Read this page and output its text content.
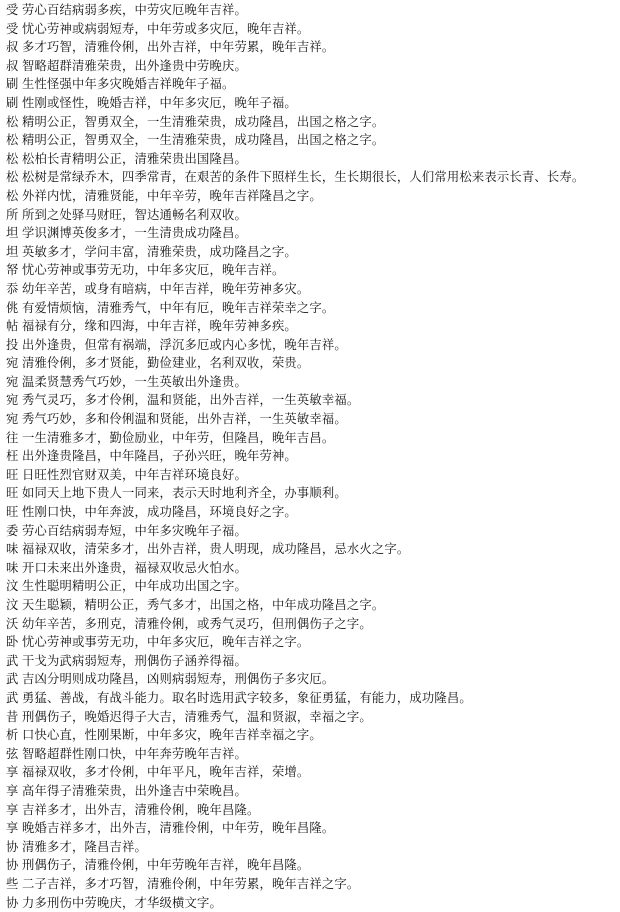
受 劳心百结病弱多疾，中劳灾厄晚年吉祥。
受 忧心劳神或病弱短寿，中年劳或多灾厄，晚年吉祥。
叔 多才巧智，清雅伶俐，出外吉祥，中年劳累，晚年吉祥。
叔 智略超群清雅荣贵，出外逢贵中劳晚庆。
刷 生性怪强中年多灾晚婚吉祥晚年子福。
刷 性刚或怪性，晚婚吉祥，中年多灾厄，晚年子福。
松 精明公正，智勇双全，一生清雅荣贵，成功隆昌，出国之格之字。
松 精明公正，智勇双全，一生清雅荣贵，成功隆昌，出国之格之字。
松 松柏长青精明公正，清雅荣贵出国隆昌。
松 松树是常绿乔木，四季常青，在艰苦的条件下照样生长，生长期很长，人们常用松来表示长青、长寿。
松 外祥内忧，清雅贤能，中年辛劳，晚年吉祥隆昌之字。
所 所到之处驿马财旺，智达通畅名利双收。
坦 学识渊博英俊多才，一生清贵成功隆昌。
坦 英敏多才，学问丰富，清雅荣贵，成功隆昌之字。
帑 忧心劳神或事劳无功，中年多灾厄，晚年吉祥。
忝 幼年辛苦，或身有暗病，中年吉祥，晚年劳神多灾。
佻 有爱情烦恼，清雅秀气，中年有厄，晚年吉祥荣幸之字。
帖 福禄有分，缘和四海，中年吉祥，晚年劳神多疾。
投 出外逢贵，但常有祸端，浮沉多厄或内心多忧，晚年吉祥。
宛 清雅伶俐，多才贤能，勤俭建业，名利双收，荣贵。
宛 温柔贤慧秀气巧妙，一生英敏出外逢贵。
宛 秀气灵巧，多才伶俐，温和贤能，出外吉祥，一生英敏幸福。
宛 秀气巧妙，多和伶俐温和贤能，出外吉祥，一生英敏幸福。
往 一生清雅多才，勤俭励业，中年劳，但隆昌，晚年吉昌。
枉 出外逢贵隆昌，中年隆昌，子孙兴旺，晚年劳神。
旺 日旺性烈官财双美，中年吉祥环境良好。
旺 如同天上地下贵人一同来，表示天时地利齐全，办事顺利。
旺 性刚口快，中年奔波，成功隆昌，环境良好之字。
委 劳心百结病弱寿短，中年多灾晚年子福。
味 福禄双收，清荣多才，出外吉祥，贵人明现，成功隆昌，忌水火之字。
味 开口未来出外逢贵，福禄双收忌火怕水。
汶 生性聪明精明公正，中年成功出国之字。
汶 天生聪颖，精明公正，秀气多才，出国之格，中年成功隆昌之字。
沃 幼年辛苦，多刑克，清雅伶俐，或秀气灵巧，但刑偶伤子之字。
卧 忧心劳神或事劳无功，中年多灾厄，晚年吉祥之字。
武 干戈为武病弱短寿，刑偶伤子涵养得福。
武 吉凶分明则成功隆昌，凶则病弱短寿，刑偶伤子多灾厄。
武 勇猛、善战，有战斗能力。取名时选用武字较多，象征勇猛，有能力，成功隆昌。
昔 刑偶伤子，晚婚迟得子大吉，清雅秀气，温和贤淑，幸福之字。
析 口快心直，性刚果断，中年多灾，晚年吉祥幸福之字。
弦 智略超群性刚口快，中年奔劳晚年吉祥。
享 福禄双收，多才伶俐，中年平凡，晚年吉祥，荣增。
享 高年得子清雅荣贵，出外逢吉中荣晚昌。
享 吉祥多才，出外吉，清雅伶俐，晚年昌隆。
享 晚婚吉祥多才，出外吉，清雅伶俐，中年劳，晚年昌隆。
协 清雅多才，隆昌吉祥。
协 刑偶伤子，清雅伶俐，中年劳晚年吉祥，晚年昌隆。
些 二子吉祥，多才巧智，清雅伶俐，中年劳累，晚年吉祥之字。
协 力多刑伤中劳晚庆，才华级横文字。
